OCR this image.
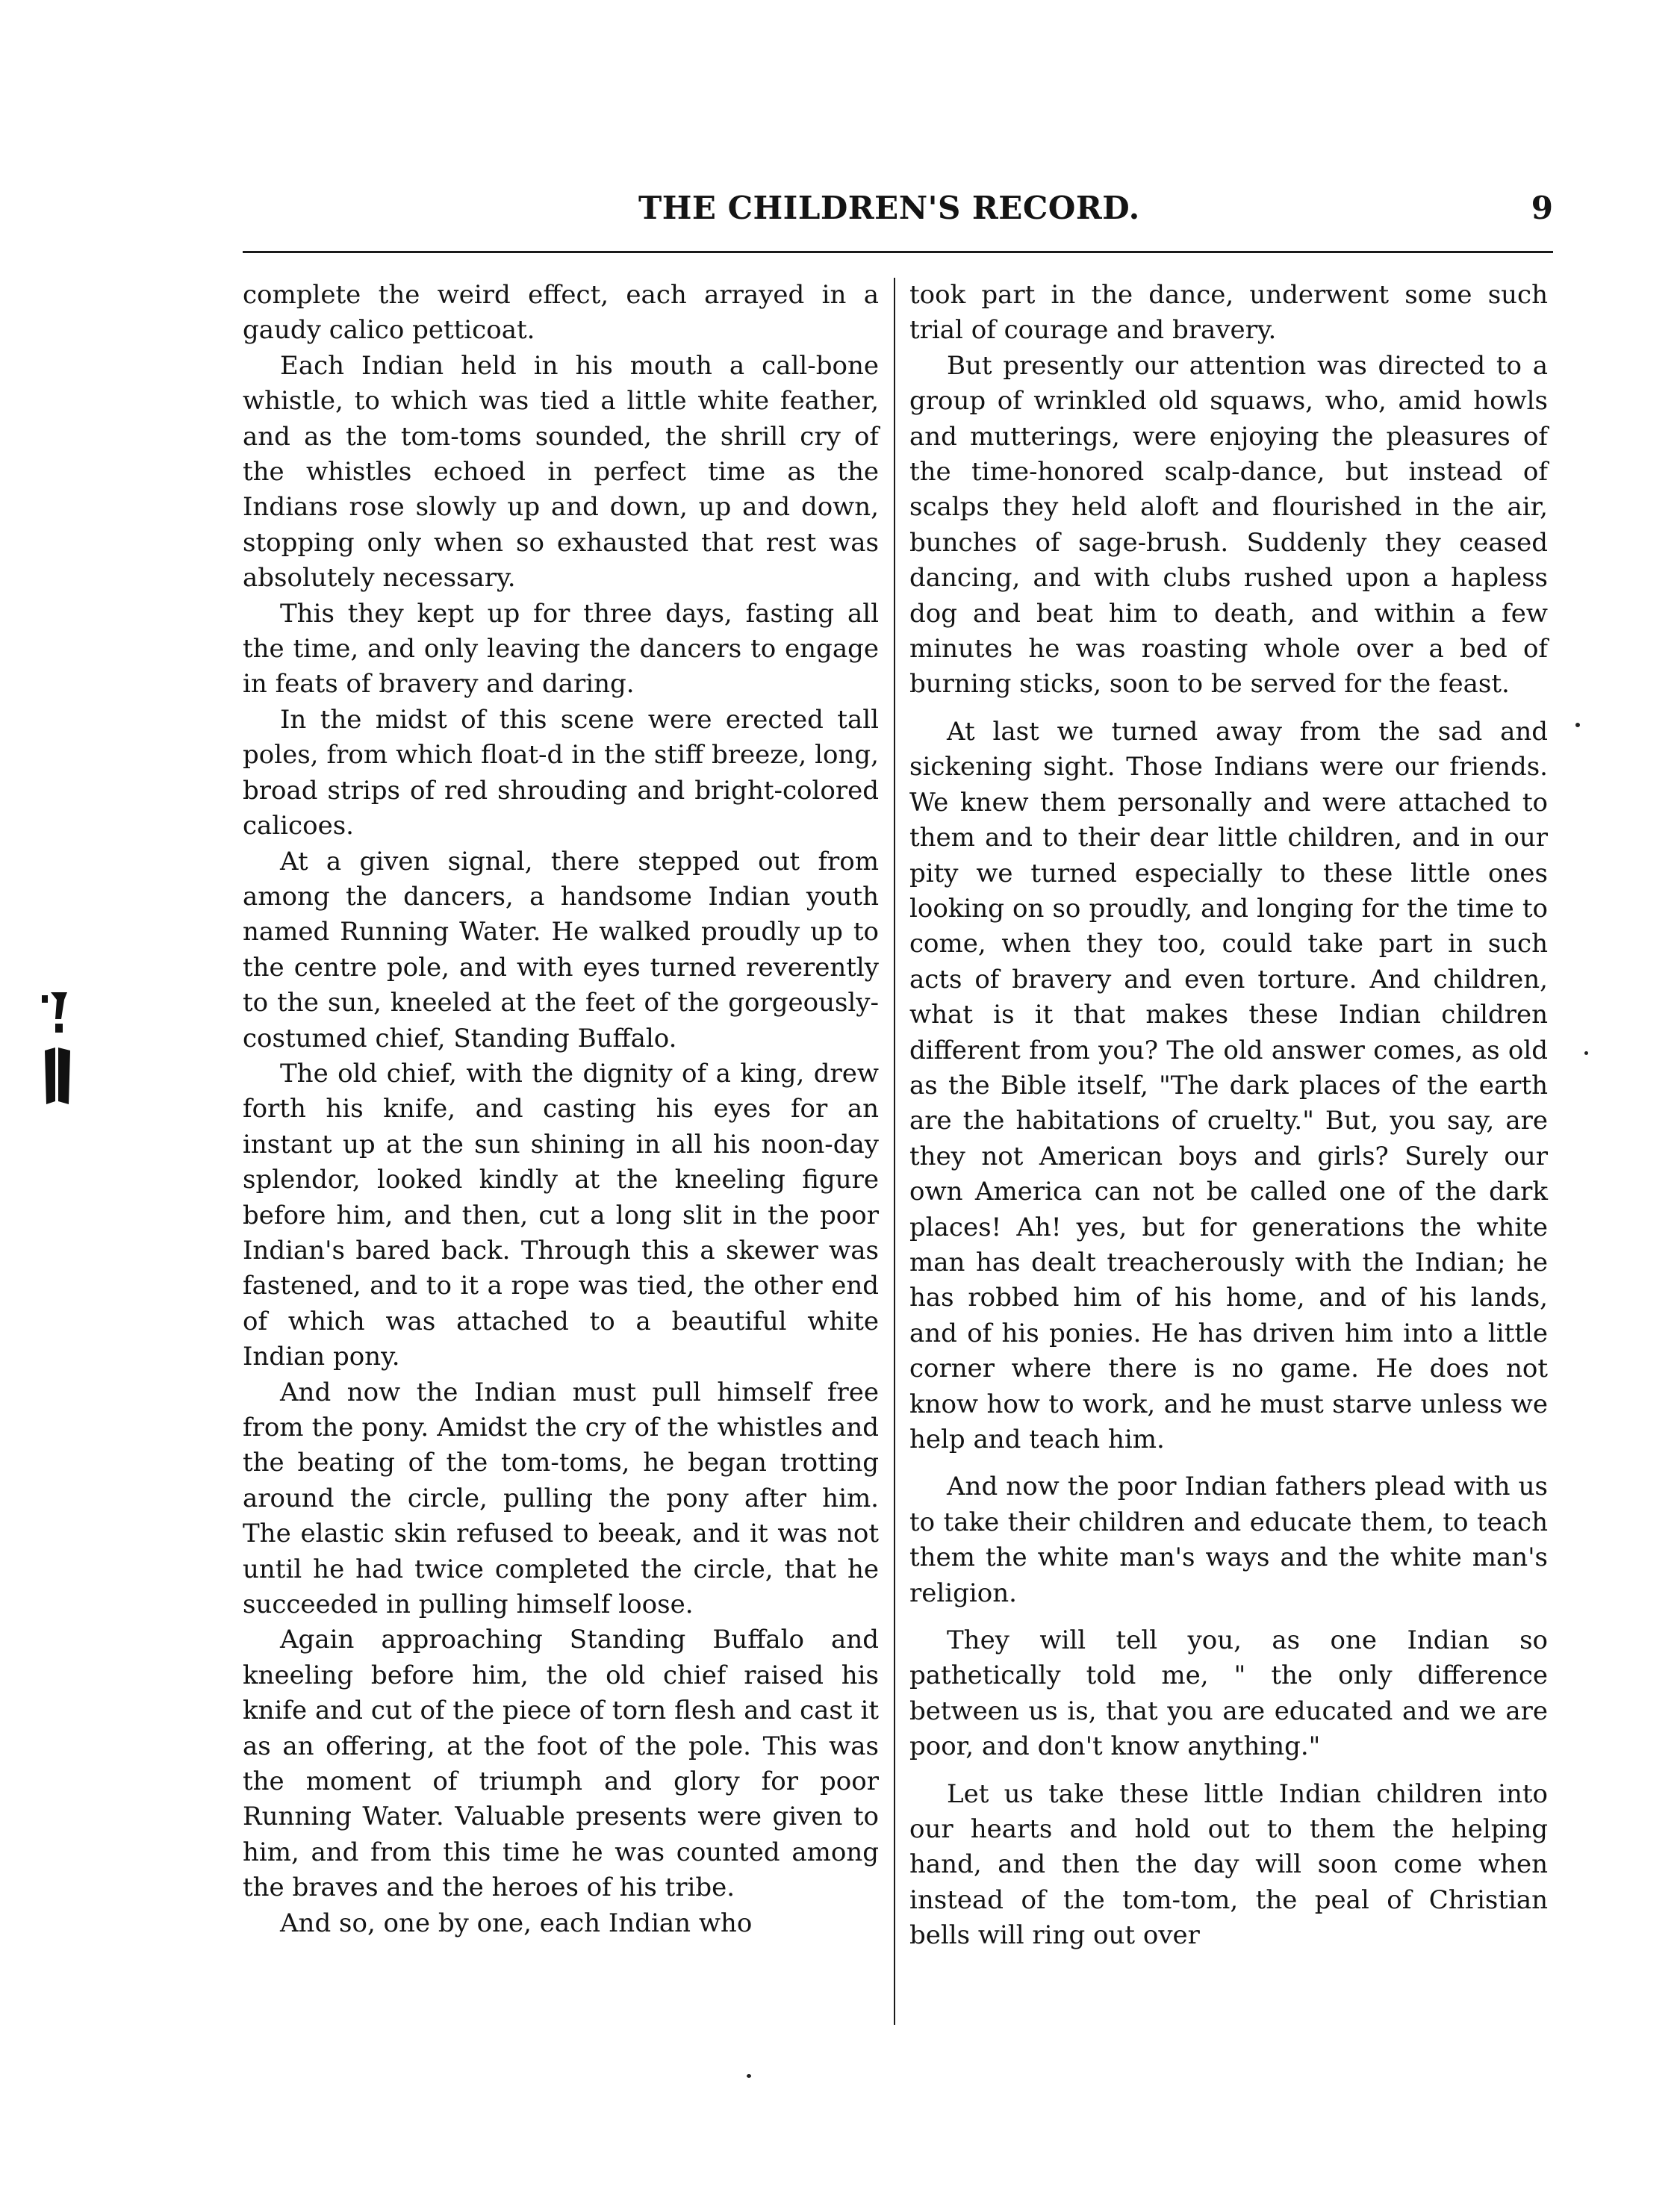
THE CHILDREN'S RECORD.	9

complete the weird effect, each arrayed in a gaudy calico petticoat.

Each Indian held in his mouth a call-bone whistle, to which was tied a little white feather, and as the tom-toms sounded, the shrill cry of the whistles echoed in perfect time as the Indians rose slowly up and down, up and down, stopping only when so exhausted that rest was absolutely necessary.

This they kept up for three days, fasting all the time, and only leaving the dancers to engage in feats of bravery and daring.

In the midst of this scene were erected tall poles, from which float-d in the stiff breeze, long, broad strips of red shrouding and bright-colored calicoes.

At a given signal, there stepped out from among the dancers, a handsome Indian youth named Running Water. He walked proudly up to the centre pole, and with eyes turned reverently to the sun, kneeled at the feet of the gorgeously-costumed chief, Standing Buffalo.

The old chief, with the dignity of a king, drew forth his knife, and casting his eyes for an instant up at the sun shining in all his noon-day splendor, looked kindly at the kneeling figure before him, and then, cut a long slit in the poor Indian's bared back. Through this a skewer was fastened, and to it a rope was tied, the other end of which was attached to a beautiful white Indian pony.

And now the Indian must pull himself free from the pony. Amidst the cry of the whistles and the beating of the tom-toms, he began trotting around the circle, pulling the pony after him. The elastic skin refused to beeak, and it was not until he had twice completed the circle, that he succeeded in pulling himself loose.

Again approaching Standing Buffalo and kneeling before him, the old chief raised his knife and cut of the piece of torn flesh and cast it as an offering, at the foot of the pole. This was the moment of triumph and glory for poor Running Water. Valuable presents were given to him, and from this time he was counted among the braves and the heroes of his tribe.

And so, one by one, each Indian who

took part in the dance, underwent some such trial of courage and bravery.

But presently our attention was directed to a group of wrinkled old squaws, who, amid howls and mutterings, were enjoying the pleasures of the time-honored scalp-dance, but instead of scalps they held aloft and flourished in the air, bunches of sage-brush. Suddenly they ceased dancing, and with clubs rushed upon a hapless dog and beat him to death, and within a few minutes he was roasting whole over a bed of burning sticks, soon to be served for the feast.

At last we turned away from the sad and sickening sight. Those Indians were our friends. We knew them personally and were attached to them and to their dear little children, and in our pity we turned especially to these little ones looking on so proudly, and longing for the time to come, when they too, could take part in such acts of bravery and even torture. And children, what is it that makes these Indian children different from you? The old answer comes, as old as the Bible itself, "The dark places of the earth are the habitations of cruelty." But, you say, are they not American boys and girls? Surely our own America can not be called one of the dark places! Ah! yes, but for generations the white man has dealt treacherously with the Indian; he has robbed him of his home, and of his lands, and of his ponies. He has driven him into a little corner where there is no game. He does not know how to work, and he must starve unless we help and teach him.

And now the poor Indian fathers plead with us to take their children and educate them, to teach them the white man's ways and the white man's religion.

They will tell you, as one Indian so pathetically told me, " the only difference between us is, that you are educated and we are poor, and don't know anything."

Let us take these little Indian children into our hearts and hold out to them the helping hand, and then the day will soon come when instead of the tom-tom, the peal of Christian bells will ring out over
